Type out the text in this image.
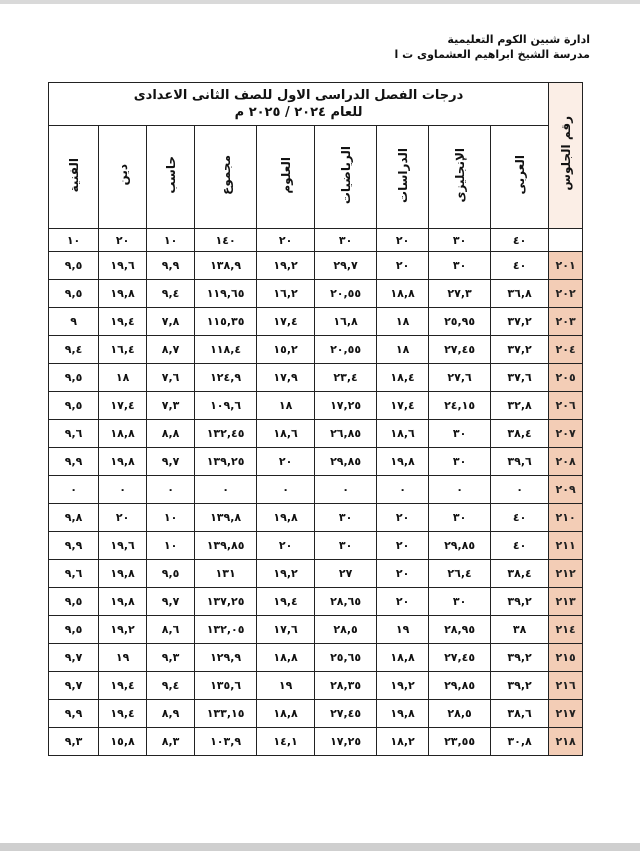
ادارة شبين الكوم التعليمية
مدرسة الشيخ ابراهيم العشماوى ت ا
رقم الجلوس	درجات الفصل الدراسى الاول للصف الثانى الاعدادى
للعام ٢٠٢٤ / ٢٠٢٥ م								

	العربى	الإنجليزى	الدراسات	الرياضيات	العلوم	مجموع	حاسب	دين	الفنية
	٤٠	٣٠	٢٠	٣٠	٢٠	١٤٠	١٠	٢٠	١٠
٢٠١	٤٠	٣٠	٢٠	٢٩,٧	١٩,٢	١٣٨,٩	٩,٩	١٩,٦	٩,٥
٢٠٢	٣٦,٨	٢٧,٣	١٨,٨	٢٠,٥٥	١٦,٢	١١٩,٦٥	٩,٤	١٩,٨	٩,٥
٢٠٣	٣٧,٢	٢٥,٩٥	١٨	١٦,٨	١٧,٤	١١٥,٣٥	٧,٨	١٩,٤	٩
٢٠٤	٣٧,٢	٢٧,٤٥	١٨	٢٠,٥٥	١٥,٢	١١٨,٤	٨,٧	١٦,٤	٩,٤
٢٠٥	٣٧,٦	٢٧,٦	١٨,٤	٢٣,٤	١٧,٩	١٢٤,٩	٧,٦	١٨	٩,٥
٢٠٦	٣٢,٨	٢٤,١٥	١٧,٤	١٧,٢٥	١٨	١٠٩,٦	٧,٣	١٧,٤	٩,٥
٢٠٧	٣٨,٤	٣٠	١٨,٦	٢٦,٨٥	١٨,٦	١٣٢,٤٥	٨,٨	١٨,٨	٩,٦
٢٠٨	٣٩,٦	٣٠	١٩,٨	٢٩,٨٥	٢٠	١٣٩,٢٥	٩,٧	١٩,٨	٩,٩
٢٠٩	٠	٠	٠	٠	٠	٠	٠	٠	٠
٢١٠	٤٠	٣٠	٢٠	٣٠	١٩,٨	١٣٩,٨	١٠	٢٠	٩,٨
٢١١	٤٠	٢٩,٨٥	٢٠	٣٠	٢٠	١٣٩,٨٥	١٠	١٩,٦	٩,٩
٢١٢	٣٨,٤	٢٦,٤	٢٠	٢٧	١٩,٢	١٣١	٩,٥	١٩,٨	٩,٦
٢١٣	٣٩,٢	٣٠	٢٠	٢٨,٦٥	١٩,٤	١٣٧,٢٥	٩,٧	١٩,٨	٩,٥
٢١٤	٣٨	٢٨,٩٥	١٩	٢٨,٥	١٧,٦	١٣٢,٠٥	٨,٦	١٩,٢	٩,٥
٢١٥	٣٩,٢	٢٧,٤٥	١٨,٨	٢٥,٦٥	١٨,٨	١٢٩,٩	٩,٣	١٩	٩,٧
٢١٦	٣٩,٢	٢٩,٨٥	١٩,٢	٢٨,٣٥	١٩	١٣٥,٦	٩,٤	١٩,٤	٩,٧
٢١٧	٣٨,٦	٢٨,٥	١٩,٨	٢٧,٤٥	١٨,٨	١٣٣,١٥	٨,٩	١٩,٤	٩,٩
٢١٨	٣٠,٨	٢٣,٥٥	١٨,٢	١٧,٢٥	١٤,١	١٠٣,٩	٨,٣	١٥,٨	٩,٣
